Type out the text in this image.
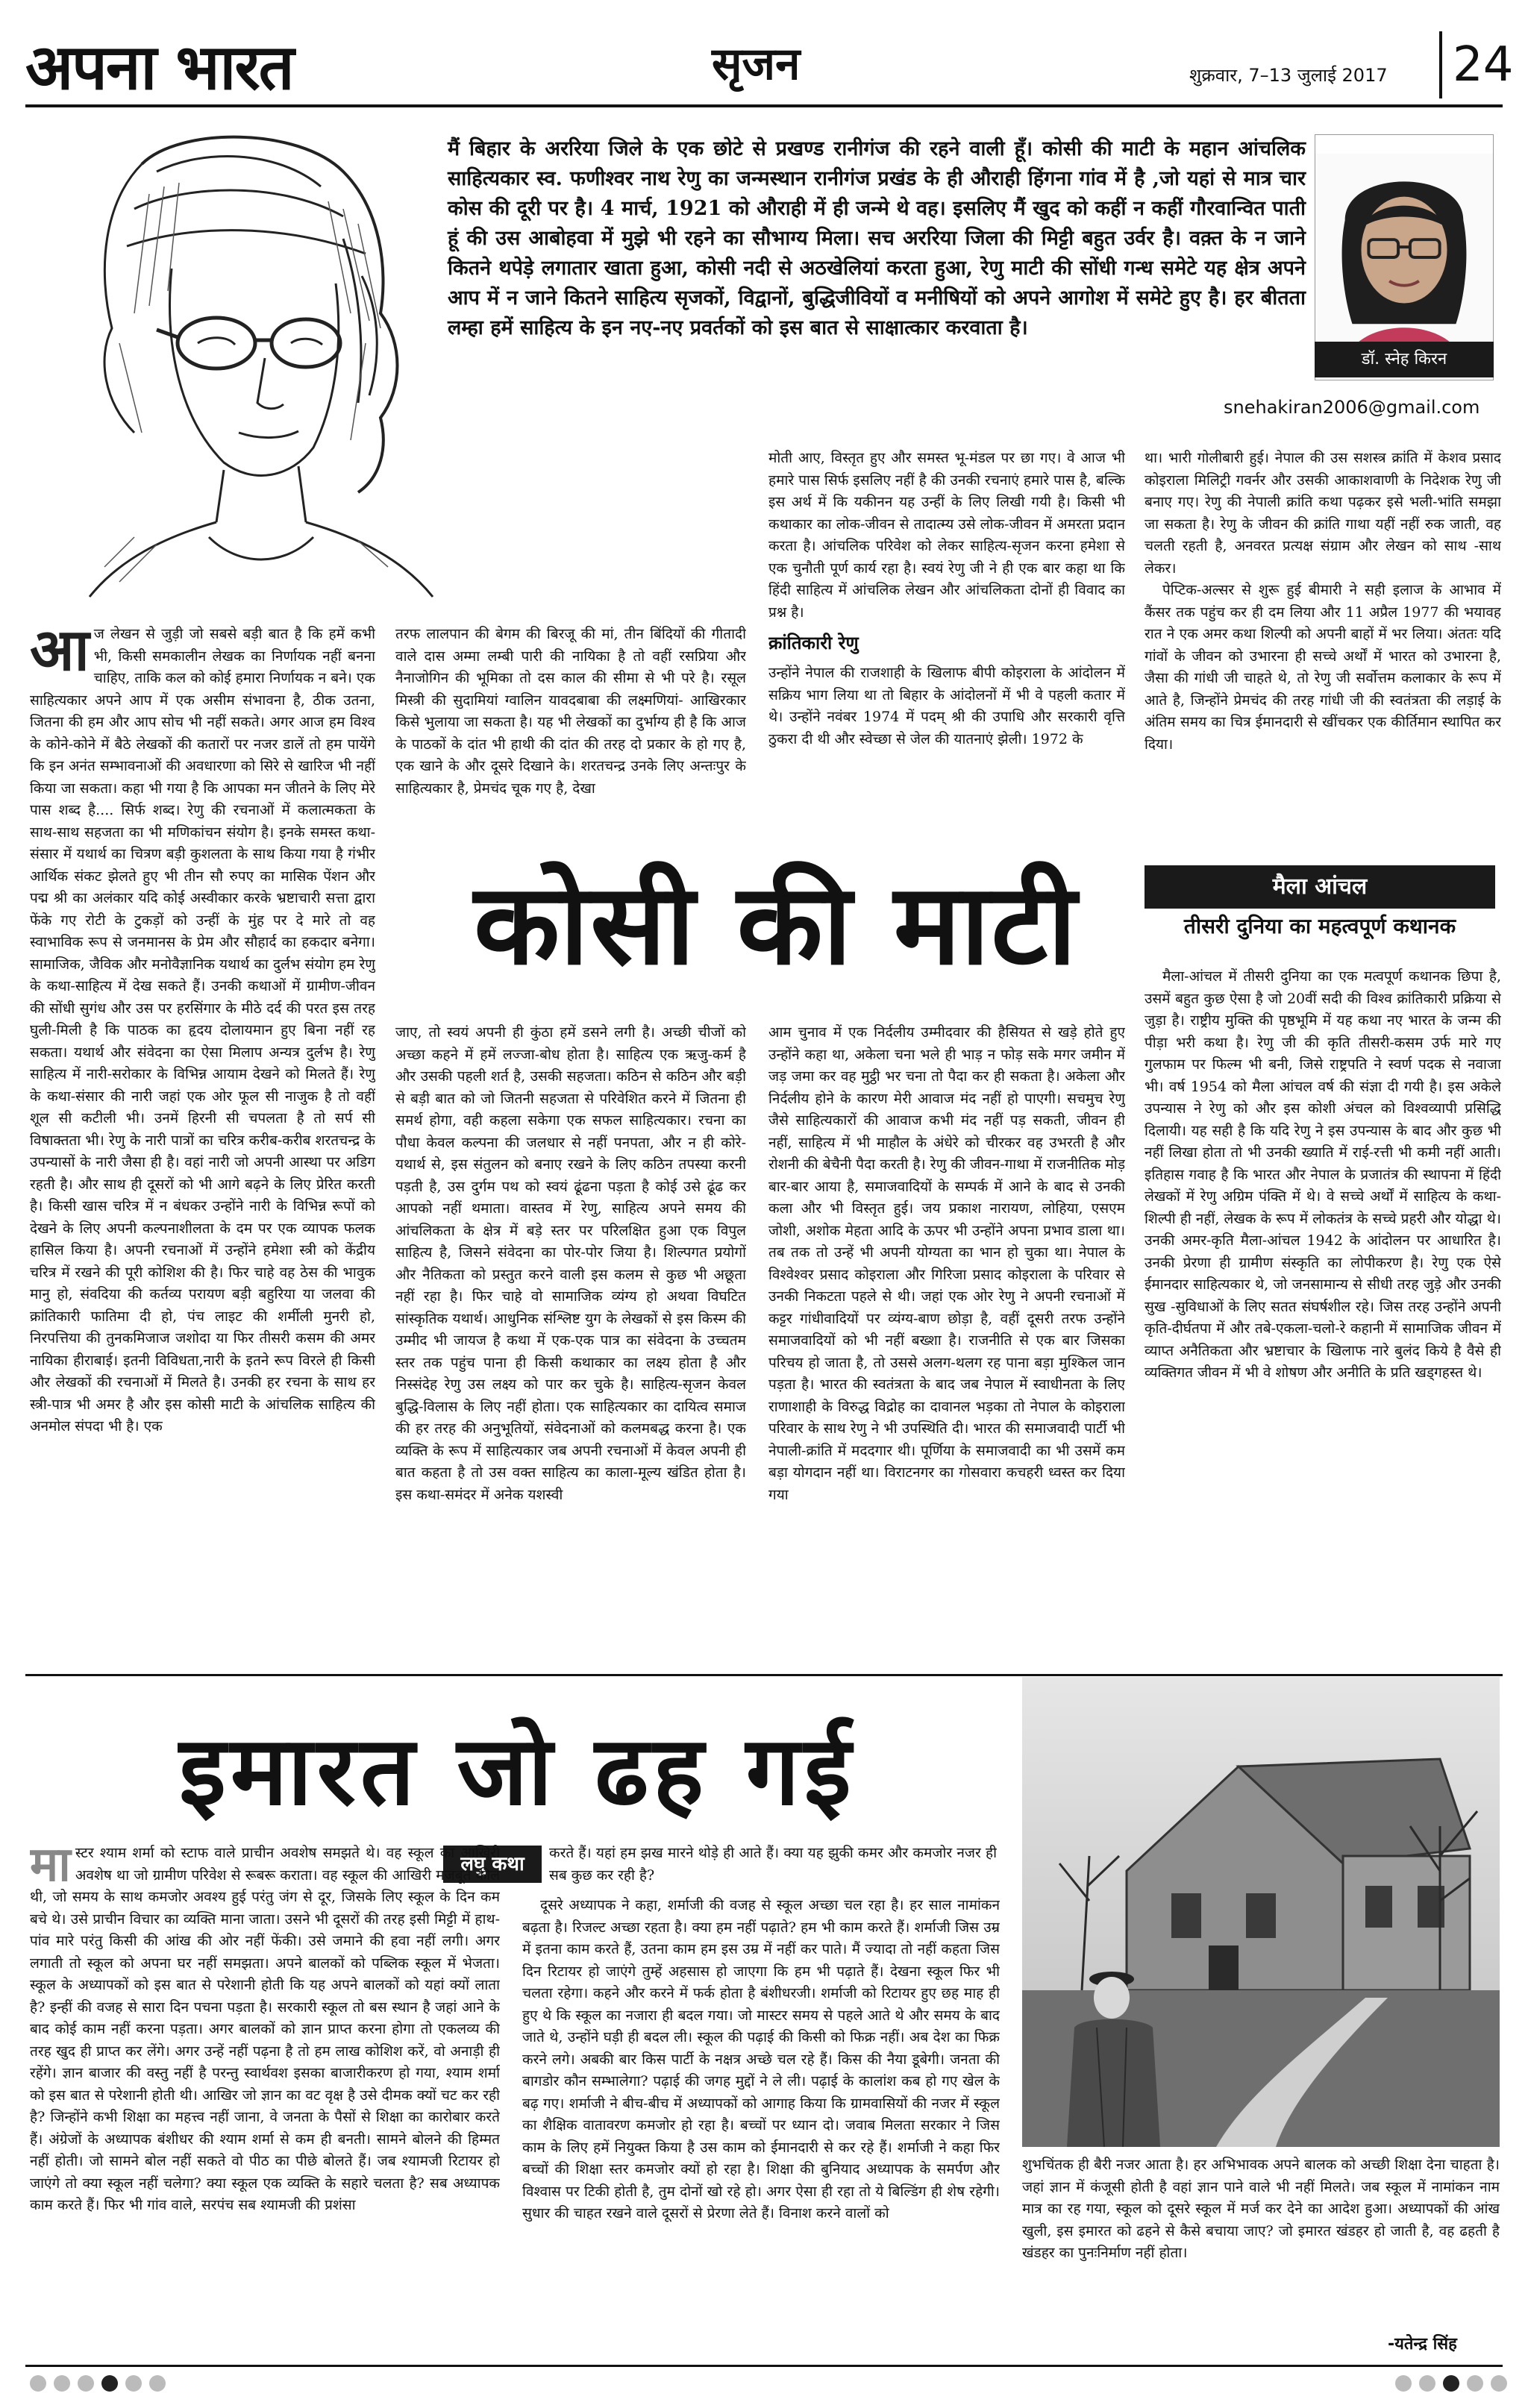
अपना भारत	सृजन	शुक्रवार, 7–13 जुलाई 2017 24
मैं बिहार के अररिया जिले के एक छोटे से प्रखण्ड रानीगंज की रहने वाली हूँ। कोसी की माटी के महान आंचलिक साहित्यकार स्व. फणीश्वर नाथ रेणु का जन्मस्थान रानीगंज प्रखंड के ही औराही हिंगना गांव में है ,जो यहां से मात्र चार कोस की दूरी पर है। 4 मार्च, 1921 को औराही में ही जन्मे थे वह। इसलिए मैं खुद को कहीं न कहीं गौरवान्वित पाती हूं की उस आबोहवा में मुझे भी रहने का सौभाग्य मिला। सच अररिया जिला की मिट्टी बहुत उर्वर है। वक़्त के न जाने कितने थपेड़े लगातार खाता हुआ, कोसी नदी से अठखेलियां करता हुआ, रेणु माटी की सोंधी गन्ध समेटे यह क्षेत्र अपने आप में न जाने कितने साहित्य सृजकों, विद्वानों, बुद्धिजीवियों व मनीषियों को अपने आगोश में समेटे हुए है। हर बीतता लम्हा हमें साहित्य के इन नए-नए प्रवर्तकों को इस बात से साक्षात्कार करवाता है।
डॉ. स्नेह किरन
snehakiran2006@gmail.com
आ ज लेखन से जुड़ी जो सबसे बड़ी बात है कि हमें कभी भी, किसी समकालीन लेखक का निर्णायक नहीं बनना चाहिए, ताकि कल को कोई हमारा निर्णायक न बने। एक साहित्यकार अपने आप में एक असीम संभावना है, ठीक उतना, जितना की हम और आप सोच भी नहीं सकते। अगर आज हम विश्व के कोने-कोने में बैठे लेखकों की कतारों पर नजर डालें तो हम पायेंगे कि इन अनंत सम्भावनाओं की अवधारणा को सिरे से खारिज भी नहीं किया जा सकता। कहा भी गया है कि आपका मन जीतने के लिए मेरे पास शब्द है.... सिर्फ शब्द। रेणु की रचनाओं में कलात्मकता के साथ-साथ सहजता का भी मणिकांचन संयोग है। इनके समस्त कथा-संसार में यथार्थ का चित्रण बड़ी कुशलता के साथ किया गया है गंभीर आर्थिक संकट झेलते हुए भी तीन सौ रुपए का मासिक पेंशन और पद्म श्री का अलंकार यदि कोई अस्वीकार करके भ्रष्टाचारी सत्ता द्वारा फेंके गए रोटी के टुकड़ों को उन्हीं के मुंह पर दे मारे तो वह स्वाभाविक रूप से जनमानस के प्रेम और सौहार्द का हकदार बनेगा। सामाजिक, जैविक और मनोवैज्ञानिक यथार्थ का दुर्लभ संयोग हम रेणु के कथा-साहित्य में देख सकते हैं। उनकी कथाओं में ग्रामीण-जीवन की सोंधी सुगंध और उस पर हरसिंगार के मीठे दर्द की परत इस तरह घुली-मिली है कि पाठक का हृदय दोलायमान हुए बिना नहीं रह सकता। यथार्थ और संवेदना का ऐसा मिलाप अन्यत्र दुर्लभ है। रेणु साहित्य में नारी-सरोकार के विभिन्न आयाम देखने को मिलते हैं। रेणु के कथा-संसार की नारी जहां एक ओर फूल सी नाजुक है तो वहीं शूल सी कटीली भी। उनमें हिरनी सी चपलता है तो सर्प सी विषाक्तता भी। रेणु के नारी पात्रों का चरित्र करीब-करीब शरतचन्द्र के उपन्यासों के नारी जैसा ही है। वहां नारी जो अपनी आस्था पर अडिग रहती है। और साथ ही दूसरों को भी आगे बढ़ने के लिए प्रेरित करती है। किसी खास चरित्र में न बंधकर उन्होंने नारी के विभिन्न रूपों को देखने के लिए अपनी कल्पनाशीलता के दम पर एक व्यापक फलक हासिल किया है। अपनी रचनाओं में उन्होंने हमेशा स्त्री को केंद्रीय चरित्र में रखने की पूरी कोशिश की है। फिर चाहे वह ठेस की भावुक मानु हो, संवदिया की कर्तव्य परायण बड़ी बहुरिया या जलवा की क्रांतिकारी फातिमा दी हो, पंच लाइट की शर्मीली मुनरी हो, निरपत्तिया की तुनकमिजाज जशोदा या फिर तीसरी कसम की अमर नायिका हीराबाई। इतनी विविधता,नारी के इतने रूप विरले ही किसी और लेखकों की रचनाओं में मिलते है। उनकी हर रचना के साथ हर स्त्री-पात्र भी अमर है और इस कोसी माटी के आंचलिक साहित्य की अनमोल संपदा भी है। एक

तरफ लालपान की बेगम की बिरजू की मां, तीन बिंदियों की गीतादी वाले दास अम्मा लम्बी पारी की नायिका है तो वहीं रसप्रिया और नैनाजोगिन की भूमिका तो दस काल की सीमा से भी परे है। रसूल मिस्त्री की सुदामियां ग्वालिन यावदबाबा की लक्ष्मणियां- आखिरकार किसे भुलाया जा सकता है। यह भी लेखकों का दुर्भाग्य ही है कि आज के पाठकों के दांत भी हाथी की दांत की तरह दो प्रकार के हो गए है, एक खाने के और दूसरे दिखाने के। शरतचन्द्र उनके लिए अन्तःपुर के साहित्यकार है, प्रेमचंद चूक गए है, देखा

मोती आए, विस्तृत हुए और समस्त भू-मंडल पर छा गए। वे आज भी हमारे पास सिर्फ इसलिए नहीं है की उनकी रचनाएं हमारे पास है, बल्कि इस अर्थ में कि यकीनन यह उन्हीं के लिए लिखी गयी है। किसी भी कथाकार का लोक-जीवन से तादात्म्य उसे लोक-जीवन में अमरता प्रदान करता है। आंचलिक परिवेश को लेकर साहित्य-सृजन करना हमेशा से एक चुनौती पूर्ण कार्य रहा है। स्वयं रेणु जी ने ही एक बार कहा था कि हिंदी साहित्य में आंचलिक लेखन और आंचलिकता दोनों ही विवाद का प्रश्न है।

क्रांतिकारी रेणु

उन्होंने नेपाल की राजशाही के खिलाफ बीपी कोइराला के आंदोलन में सक्रिय भाग लिया था तो बिहार के आंदोलनों में भी वे पहली कतार में थे। उन्होंने नवंबर 1974 में पदम् श्री की उपाधि और सरकारी वृत्ति ठुकरा दी थी और स्वेच्छा से जेल की यातनाएं झेली। 1972 के

था। भारी गोलीबारी हुई। नेपाल की उस सशस्त्र क्रांति में केशव प्रसाद कोइराला मिलिट्री गवर्नर और उसकी आकाशवाणी के निदेशक रेणु जी बनाए गए। रेणु की नेपाली क्रांति कथा पढ़कर इसे भली-भांति समझा जा सकता है। रेणु के जीवन की क्रांति गाथा यहीं नहीं रुक जाती, वह चलती रहती है, अनवरत प्रत्यक्ष संग्राम और लेखन को साथ -साथ लेकर।

पेप्टिक-अल्सर से शुरू हुई बीमारी ने सही इलाज के आभाव में कैंसर तक पहुंच कर ही दम लिया और 11 अप्रैल 1977 की भयावह रात ने एक अमर कथा शिल्पी को अपनी बाहों में भर लिया। अंततः यदि गांवों के जीवन को उभारना ही सच्चे अर्थों में भारत को उभारना है, जैसा की गांधी जी चाहते थे, तो रेणु जी सर्वोत्तम कलाकार के रूप में आते है, जिन्होंने प्रेमचंद की तरह गांधी जी की स्वतंत्रता की लड़ाई के अंतिम समय का चित्र ईमानदारी से खींचकर एक कीर्तिमान स्थापित कर दिया।

कोसी की माटी

जाए, तो स्वयं अपनी ही कुंठा हमें डसने लगी है। अच्छी चीजों को अच्छा कहने में हमें लज्जा-बोध होता है। साहित्य एक ऋजु-कर्म है और उसकी पहली शर्त है, उसकी सहजता। कठिन से कठिन और बड़ी से बड़ी बात को जो जितनी सहजता से परिवेशित करने में जितना ही समर्थ होगा, वही कहला सकेगा एक सफल साहित्यकार। रचना का पौधा केवल कल्पना की जलधार से नहीं पनपता, और न ही कोरे-यथार्थ से, इस संतुलन को बनाए रखने के लिए कठिन तपस्या करनी पड़ती है, उस दुर्गम पथ को स्वयं ढूंढना पड़ता है कोई उसे ढूंढ कर आपको नहीं थमाता। वास्तव में रेणु, साहित्य अपने समय की आंचलिकता के क्षेत्र में बड़े स्तर पर परिलक्षित हुआ एक विपुल साहित्य है, जिसने संवेदना का पोर-पोर जिया है। शिल्पगत प्रयोगों और नैतिकता को प्रस्तुत करने वाली इस कलम से कुछ भी अछूता नहीं रहा है। फिर चाहे वो सामाजिक व्यंग्य हो अथवा विघटित सांस्कृतिक यथार्थ। आधुनिक संश्लिष्ट युग के लेखकों से इस किस्म की उम्मीद भी जायज है कथा में एक-एक पात्र का संवेदना के उच्चतम स्तर तक पहुंच पाना ही किसी कथाकार का लक्ष्य होता है और निस्संदेह रेणु उस लक्ष्य को पार कर चुके है। साहित्य-सृजन केवल बुद्धि-विलास के लिए नहीं होता। एक साहित्यकार का दायित्व समाज की हर तरह की अनुभूतियों, संवेदनाओं को कलमबद्ध करना है। एक व्यक्ति के रूप में साहित्यकार जब अपनी रचनाओं में केवल अपनी ही बात कहता है तो उस वक्त साहित्य का काला-मूल्य खंडित होता है। इस कथा-समंदर में अनेक यशस्वी

आम चुनाव में एक निर्दलीय उम्मीदवार की हैसियत से खड़े होते हुए उन्होंने कहा था, अकेला चना भले ही भाड़ न फोड़ सके मगर जमीन में जड़ जमा कर वह मुट्ठी भर चना तो पैदा कर ही सकता है। अकेला और निर्दलीय होने के कारण मेरी आवाज मंद नहीं हो पाएगी। सचमुच रेणु जैसे साहित्यकारों की आवाज कभी मंद नहीं पड़ सकती, जीवन ही नहीं, साहित्य में भी माहौल के अंधेरे को चीरकर वह उभरती है और रोशनी की बेचैनी पैदा करती है। रेणु की जीवन-गाथा में राजनीतिक मोड़ बार-बार आया है, समाजवादियों के सम्पर्क में आने के बाद से उनकी कला और भी विस्तृत हुई। जय प्रकाश नारायण, लोहिया, एसएम जोशी, अशोक मेहता आदि के ऊपर भी उन्होंने अपना प्रभाव डाला था। तब तक तो उन्हें भी अपनी योग्यता का भान हो चुका था। नेपाल के विश्वेश्वर प्रसाद कोइराला और गिरिजा प्रसाद कोइराला के परिवार से उनकी निकटता पहले से थी। जहां एक ओर रेणु ने अपनी रचनाओं में कट्टर गांधीवादियों पर व्यंग्य-बाण छोड़ा है, वहीं दूसरी तरफ उन्होंने समाजवादियों को भी नहीं बख्शा है। राजनीति से एक बार जिसका परिचय हो जाता है, तो उससे अलग-थलग रह पाना बड़ा मुश्किल जान पड़ता है। भारत की स्वतंत्रता के बाद जब नेपाल में स्वाधीनता के लिए राणाशाही के विरुद्ध विद्रोह का दावानल भड़का तो नेपाल के कोइराला परिवार के साथ रेणु ने भी उपस्थिति दी। भारत की समाजवादी पार्टी भी नेपाली-क्रांति में मददगार थी। पूर्णिया के समाजवादी का भी उसमें कम बड़ा योगदान नहीं था। विराटनगर का गोसवारा कचहरी ध्वस्त कर दिया गया

मैला आंचल
तीसरी दुनिया का महत्वपूर्ण कथानक

मैला-आंचल में तीसरी दुनिया का एक मत्वपूर्ण कथानक छिपा है, उसमें बहुत कुछ ऐसा है जो 20वीं सदी की विश्व क्रांतिकारी प्रक्रिया से जुड़ा है। राष्ट्रीय मुक्ति की पृष्ठभूमि में यह कथा नए भारत के जन्म की पीड़ा भरी कथा है। रेणु जी की कृति तीसरी-कसम उर्फ मारे गए गुलफाम पर फिल्म भी बनी, जिसे राष्ट्रपति ने स्वर्ण पदक से नवाजा भी। वर्ष 1954 को मैला आंचल वर्ष की संज्ञा दी गयी है। इस अकेले उपन्यास ने रेणु को और इस कोशी अंचल को विश्वव्यापी प्रसिद्धि दिलायी। यह सही है कि यदि रेणु ने इस उपन्यास के बाद और कुछ भी नहीं लिखा होता तो भी उनकी ख्याति में राई-रत्ती भी कमी नहीं आती। इतिहास गवाह है कि भारत और नेपाल के प्रजातंत्र की स्थापना में हिंदी लेखकों में रेणु अग्रिम पंक्ति में थे। वे सच्चे अर्थों में साहित्य के कथा-शिल्पी ही नहीं, लेखक के रूप में लोकतंत्र के सच्चे प्रहरी और योद्धा थे। उनकी अमर-कृति मैला-आंचल 1942 के आंदोलन पर आधारित है। उनकी प्रेरणा ही ग्रामीण संस्कृति का लोपीकरण है। रेणु एक ऐसे ईमानदार साहित्यकार थे, जो जनसामान्य से सीधी तरह जुड़े और उनकी सुख -सुविधाओं के लिए सतत संघर्षशील रहे। जिस तरह उन्होंने अपनी कृति-दीर्घतपा में और तबे-एकला-चलो-रे कहानी में सामाजिक जीवन में व्याप्त अनैतिकता और भ्रष्टाचार के खिलाफ नारे बुलंद किये है वैसे ही व्यक्तिगत जीवन में भी वे शोषण और अनीति के प्रति खड्गहस्त थे।

इमारत जो ढह गई
लघु कथा
मा स्टर श्याम शर्मा को स्टाफ वाले प्राचीन अवशेष समझते थे। वह स्कूल का आखिरी अवशेष था जो ग्रामीण परिवेश से रूबरू कराता। वह स्कूल की आखिरी मजबूत कील थी, जो समय के साथ कमजोर अवश्य हुई परंतु जंग से दूर, जिसके लिए स्कूल के दिन कम बचे थे। उसे प्राचीन विचार का व्यक्ति माना जाता। उसने भी दूसरों की तरह इसी मिट्टी में हाथ-पांव मारे परंतु किसी की आंख की ओर नहीं फेंकी। उसे जमाने की हवा नहीं लगी। अगर लगाती तो स्कूल को अपना घर नहीं समझता। अपने बालकों को पब्लिक स्कूल में भेजता। स्कूल के अध्यापकों को इस बात से परेशानी होती कि यह अपने बालकों को यहां क्यों लाता है? इन्हीं की वजह से सारा दिन पचना पड़ता है। सरकारी स्कूल तो बस स्थान है जहां आने के बाद कोई काम नहीं करना पड़ता। अगर बालकों को ज्ञान प्राप्त करना होगा तो एकलव्य की तरह खुद ही प्राप्त कर लेंगे। अगर उन्हें नहीं पढ़ना है तो हम लाख कोशिश करें, वो अनाड़ी ही रहेंगे। ज्ञान बाजार की वस्तु नहीं है परन्तु स्वार्थवश इसका बाजारीकरण हो गया, श्याम शर्मा को इस बात से परेशानी होती थी। आखिर जो ज्ञान का वट वृक्ष है उसे दीमक क्यों चट कर रही है? जिन्होंने कभी शिक्षा का महत्त्व नहीं जाना, वे जनता के पैसों से शिक्षा का कारोबार करते हैं। अंग्रेजों के अध्यापक बंशीधर की श्याम शर्मा से कम ही बनती। सामने बोलने की हिम्मत नहीं होती। जो सामने बोल नहीं सकते वो पीठ का पीछे बोलते हैं। जब श्यामजी रिटायर हो जाएंगे तो क्या स्कूल नहीं चलेगा? क्या स्कूल एक व्यक्ति के सहारे चलता है? सब अध्यापक काम करते हैं। फिर भी गांव वाले, सरपंच सब श्यामजी की प्रशंसा

करते हैं। यहां हम झख मारने थोड़े ही आते हैं। क्या यह झुकी कमर और कमजोर नजर ही सब कुछ कर रही है?

दूसरे अध्यापक ने कहा, शर्माजी की वजह से स्कूल अच्छा चल रहा है। हर साल नामांकन बढ़ता है। रिजल्ट अच्छा रहता है। क्या हम नहीं पढ़ाते? हम भी काम करते हैं। शर्माजी जिस उम्र में इतना काम करते हैं, उतना काम हम इस उम्र में नहीं कर पाते। मैं ज्यादा तो नहीं कहता जिस दिन रिटायर हो जाएंगे तुम्हें अहसास हो जाएगा कि हम भी पढ़ाते हैं। देखना स्कूल फिर भी चलता रहेगा। कहने और करने में फर्क होता है बंशीधरजी। शर्माजी को रिटायर हुए छह माह ही हुए थे कि स्कूल का नजारा ही बदल गया। जो मास्टर समय से पहले आते थे और समय के बाद जाते थे, उन्होंने घड़ी ही बदल ली। स्कूल की पढ़ाई की किसी को फिक्र नहीं। अब देश का फिक्र करने लगे। अबकी बार किस पार्टी के नक्षत्र अच्छे चल रहे हैं। किस की नैया डूबेगी। जनता की बागडोर कौन सम्भालेगा? पढ़ाई की जगह मुद्दों ने ले ली। पढ़ाई के कालांश कब हो गए खेल के बढ़ गए। शर्माजी ने बीच-बीच में अध्यापकों को आगाह किया कि ग्रामवासियों की नजर में स्कूल का शैक्षिक वातावरण कमजोर हो रहा है। बच्चों पर ध्यान दो। जवाब मिलता सरकार ने जिस काम के लिए हमें नियुक्त किया है उस काम को ईमानदारी से कर रहे हैं। शर्माजी ने कहा फिर बच्चों की शिक्षा स्तर कमजोर क्यों हो रहा है। शिक्षा की बुनियाद अध्यापक के समर्पण और विश्वास पर टिकी होती है, तुम दोनों खो रहे हो। अगर ऐसा ही रहा तो ये बिल्डिंग ही शेष रहेगी। सुधार की चाहत रखने वाले दूसरों से प्रेरणा लेते हैं। विनाश करने वालों को

शुभचिंतक ही बैरी नजर आता है। हर अभिभावक अपने बालक को अच्छी शिक्षा देना चाहता है। जहां ज्ञान में कंजूसी होती है वहां ज्ञान पाने वाले भी नहीं मिलते। जब स्कूल में नामांकन नाम मात्र का रह गया, स्कूल को दूसरे स्कूल में मर्ज कर देने का आदेश हुआ। अध्यापकों की आंख खुली, इस इमारत को ढहने से कैसे बचाया जाए? जो इमारत खंडहर हो जाती है, वह ढहती है खंडहर का पुनःनिर्माण नहीं होता।

-यतेन्द्र सिंह
